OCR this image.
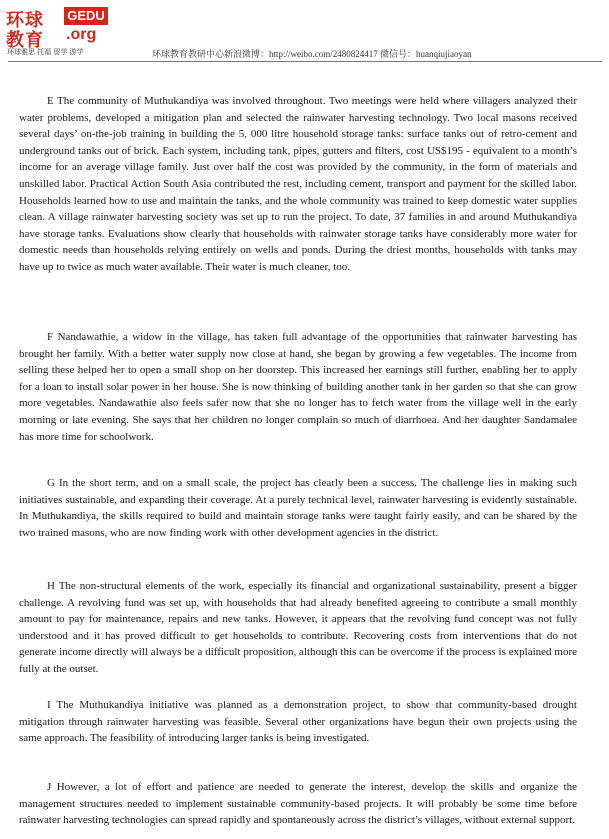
环球
教育
GEDU
.org
环球雅思 托福 留学 游学	环球教育教研中心新浪微博：http://weibo.com/2480824417 微信号：huanqiujiaoyan

E The community of Muthukandiya was involved throughout. Two meetings were held where villagers analyzed their water problems, developed a mitigation plan and selected the rainwater harvesting technology. Two local masons received several days’ on-the-job training in building the 5, 000 litre household storage tanks: surface tanks out of retro-cement and underground tanks out of brick. Each system, including tank, pipes, gutters and filters, cost US$195 - equivalent to a month’s income for an average village family. Just over half the cost was provided by the community, in the form of materials and unskilled labor. Practical Action South Asia contributed the rest, including cement, transport and payment for the skilled labor. Households learned how to use and maintain the tanks, and the whole community was trained to keep domestic water supplies clean. A village rainwater harvesting society was set up to run the project. To date, 37 families in and around Muthukandiya have storage tanks. Evaluations show clearly that households with rainwater storage tanks have considerably more water for domestic needs than households relying entirely on wells and ponds. During the driest months, households with tanks may have up to twice as much water available. Their water is much cleaner, too.

F Nandawathie, a widow in the village, has taken full advantage of the opportunities that rainwater harvesting has brought her family. With a better water supply now close at hand, she began by growing a few vegetables. The income from selling these helped her to open a small shop on her doorstep. This increased her earnings still further, enabling her to apply for a loan to install solar power in her house. She is now thinking of building another tank in her garden so that she can grow more vegetables. Nandawathie also feels safer now that she no longer has to fetch water from the village well in the early morning or late evening. She says that her children no longer complain so much of diarrhoea. And her daughter Sandamalee has more time for schoolwork.

G In the short term, and on a small scale, the project has clearly been a success. The challenge lies in making such initiatives sustainable, and expanding their coverage. At a purely technical level, rainwater harvesting is evidently sustainable. In Muthukandiya, the skills required to build and maintain storage tanks were taught fairly easily, and can be shared by the two trained masons, who are now finding work with other development agencies in the district.

H The non-structural elements of the work, especially its financial and organizational sustainability, present a bigger challenge. A revolving fund was set up, with households that had already benefited agreeing to contribute a small monthly amount to pay for maintenance, repairs and new tanks. However, it appears that the revolving fund concept was not fully understood and it has proved difficult to get households to contribute. Recovering costs from interventions that do not generate income directly will always be a difficult proposition, although this can be overcome if the process is explained more fully at the outset.

I The Muthukandiya initiative was planned as a demonstration project, to show that community-based drought mitigation through rainwater harvesting was feasible. Several other organizations have begun their own projects using the same approach. The feasibility of introducing larger tanks is being investigated.

J However, a lot of effort and patience are needed to generate the interest, develop the skills and organize the management structures needed to implement sustainable community-based projects. It will probably be some time before rainwater harvesting technologies can spread rapidly and spontaneously across the district’s villages, without external support.
